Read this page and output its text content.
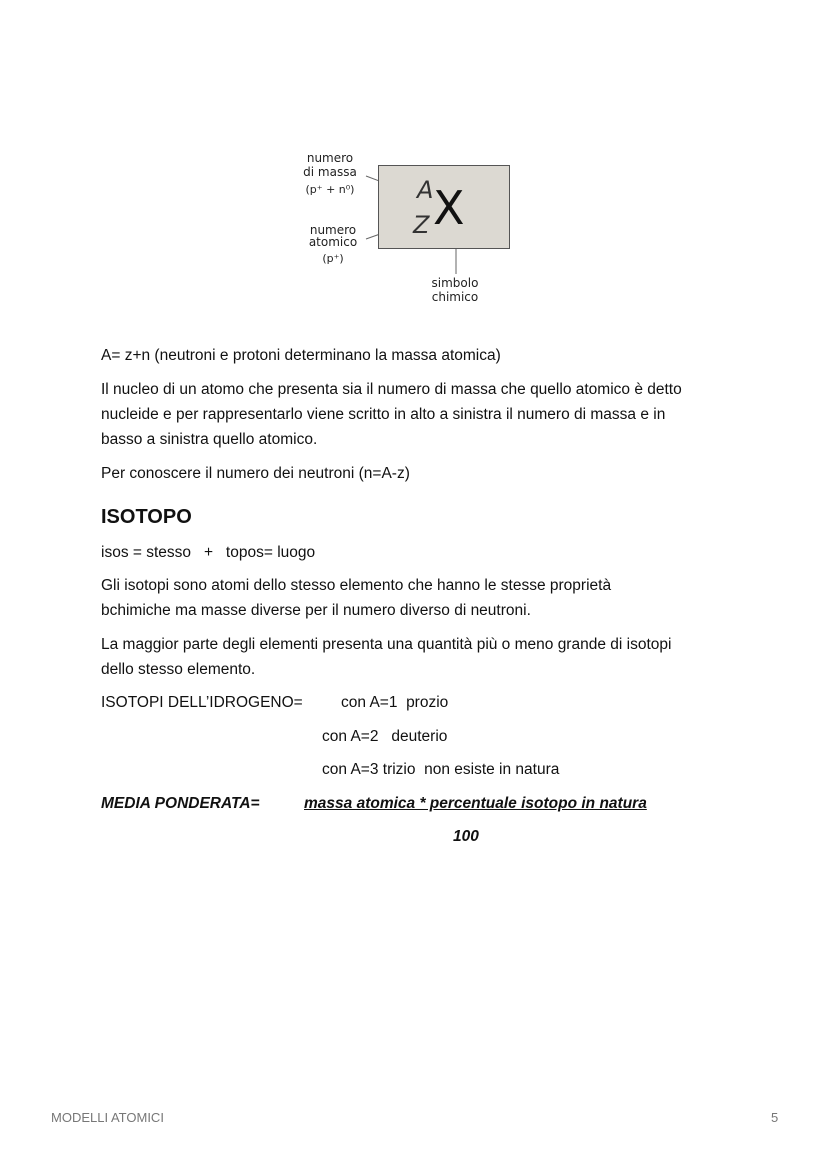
A
Z X
numero
di massa
(p⁺ + n⁰)
numero
atomico
(p⁺)
simbolo
chimico

A= z+n (neutroni e protoni determinano la massa atomica)

Il nucleo di un atomo che presenta sia il numero di massa che quello atomico è detto

nucleide e per rappresentarlo viene scritto in alto a sinistra il numero di massa e in

basso a sinistra quello atomico.

Per conoscere il numero dei neutroni (n=A-z)

ISOTOPO

isos = stesso   +   topos= luogo

Gli isotopi sono atomi dello stesso elemento che hanno le stesse proprietà

bchimiche ma masse diverse per il numero diverso di neutroni.

La maggior parte degli elementi presenta una quantità più o meno grande di isotopi

dello stesso elemento.

ISOTOPI DELL’IDROGENO= con A=1  prozio
con A=2   deuterio
con A=3 trizio  non esiste in natura

MEDIA PONDERATA=	massa atomica * percentuale isotopo in natura
100
MODELLI ATOMICI	5
